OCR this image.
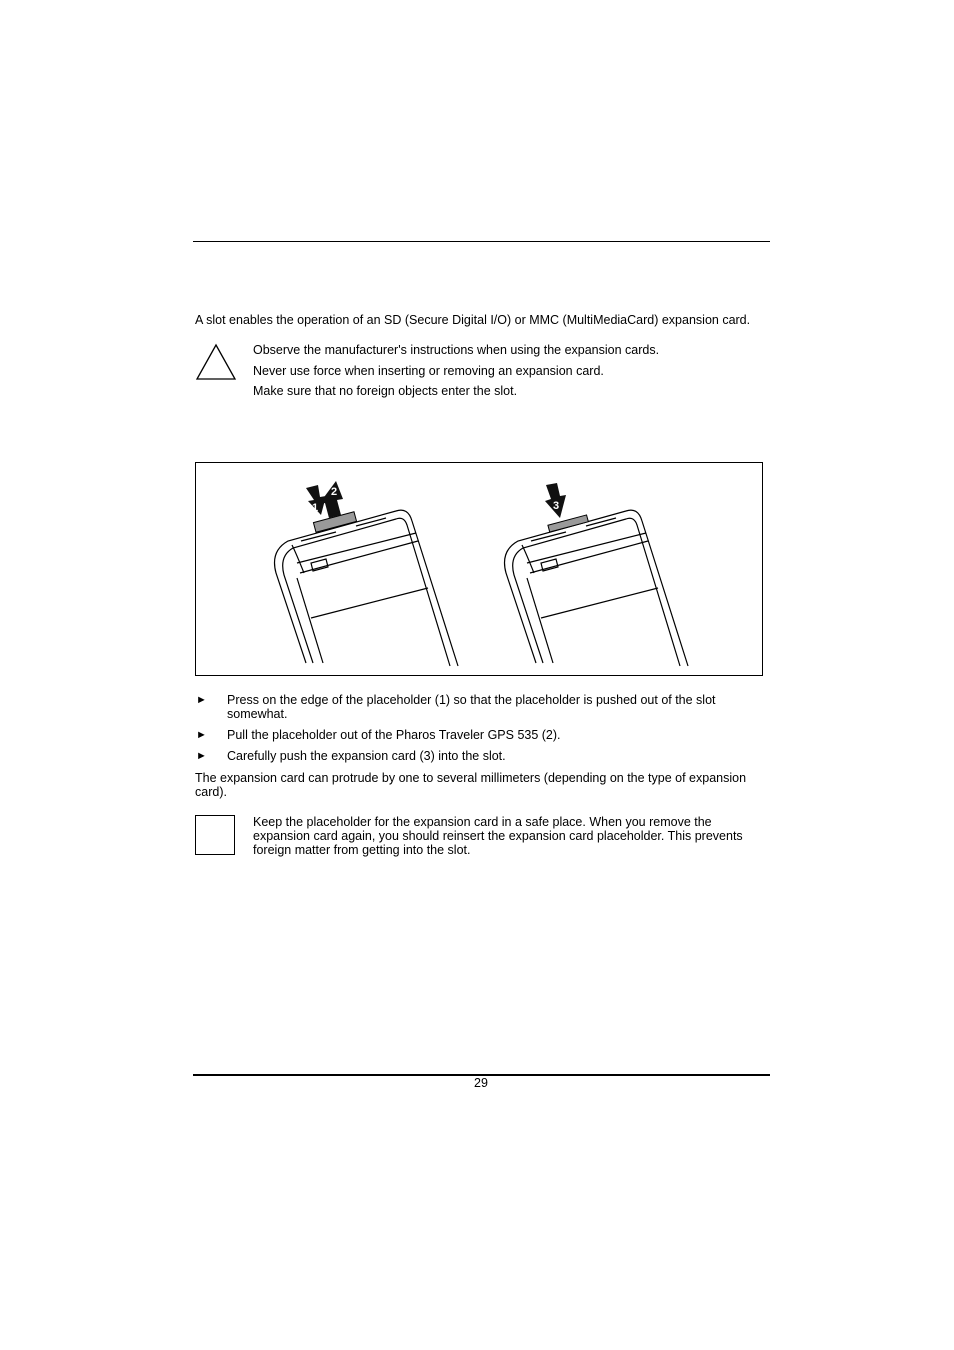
A slot enables the operation of an SD (Secure Digital I/O) or MMC (MultiMediaCard) expansion card.
Observe the manufacturer's instructions when using the expansion cards.
Never use force when inserting or removing an expansion card.
Make sure that no foreign objects enter the slot.
1
2
3
► Press on the edge of the placeholder (1) so that the placeholder is pushed out of the slot somewhat.
► Pull the placeholder out of the Pharos Traveler GPS 535 (2).
► Carefully push the expansion card (3) into the slot.
The expansion card can protrude by one to several millimeters (depending on the type of expansion card).
Keep the placeholder for the expansion card in a safe place. When you remove the expansion card again, you should reinsert the expansion card placeholder. This prevents foreign matter from getting into the slot.
29
